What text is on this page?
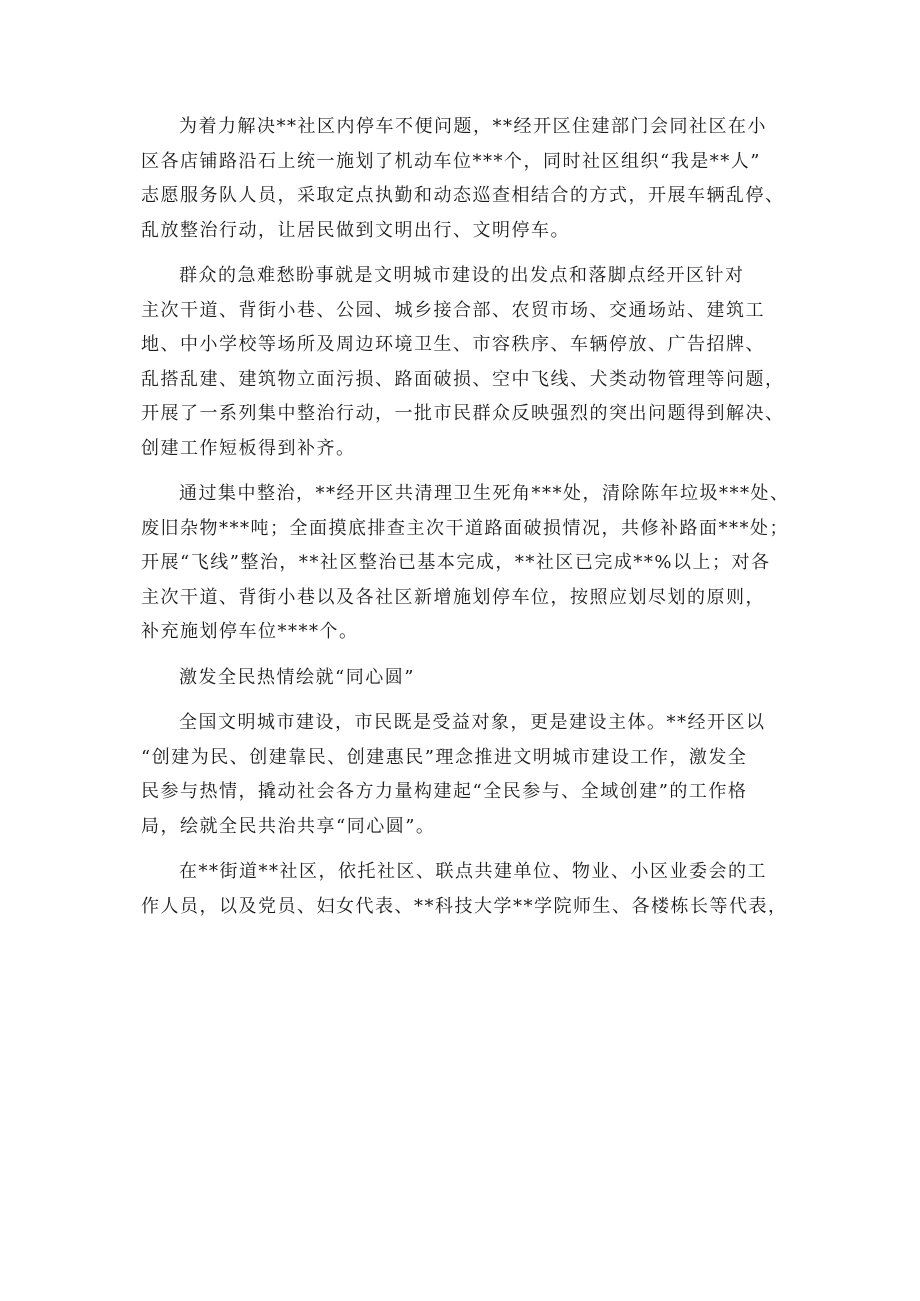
为着力解决**社区内停车不便问题，**经开区住建部门会同社区在小
区各店铺路沿石上统一施划了机动车位***个，同时社区组织“我是**人”
志愿服务队人员，采取定点执勤和动态巡查相结合的方式，开展车辆乱停、
乱放整治行动，让居民做到文明出行、文明停车。
群众的急难愁盼事就是文明城市建设的出发点和落脚点经开区针对
主次干道、背街小巷、公园、城乡接合部、农贸市场、交通场站、建筑工
地、中小学校等场所及周边环境卫生、市容秩序、车辆停放、广告招牌、
乱搭乱建、建筑物立面污损、路面破损、空中飞线、犬类动物管理等问题，
开展了一系列集中整治行动，一批市民群众反映强烈的突出问题得到解决、
创建工作短板得到补齐。
通过集中整治，**经开区共清理卫生死角***处，清除陈年垃圾***处、
废旧杂物***吨；全面摸底排查主次干道路面破损情况，共修补路面***处；
开展“飞线”整治，**社区整治已基本完成，**社区已完成**%以上；对各
主次干道、背街小巷以及各社区新增施划停车位，按照应划尽划的原则，
补充施划停车位****个。
激发全民热情绘就“同心圆”
全国文明城市建设，市民既是受益对象，更是建设主体。**经开区以
“创建为民、创建靠民、创建惠民”理念推进文明城市建设工作，激发全
民参与热情，撬动社会各方力量构建起“全民参与、全域创建”的工作格
局，绘就全民共治共享“同心圆”。
在**街道**社区，依托社区、联点共建单位、物业、小区业委会的工
作人员，以及党员、妇女代表、**科技大学**学院师生、各楼栋长等代表，
